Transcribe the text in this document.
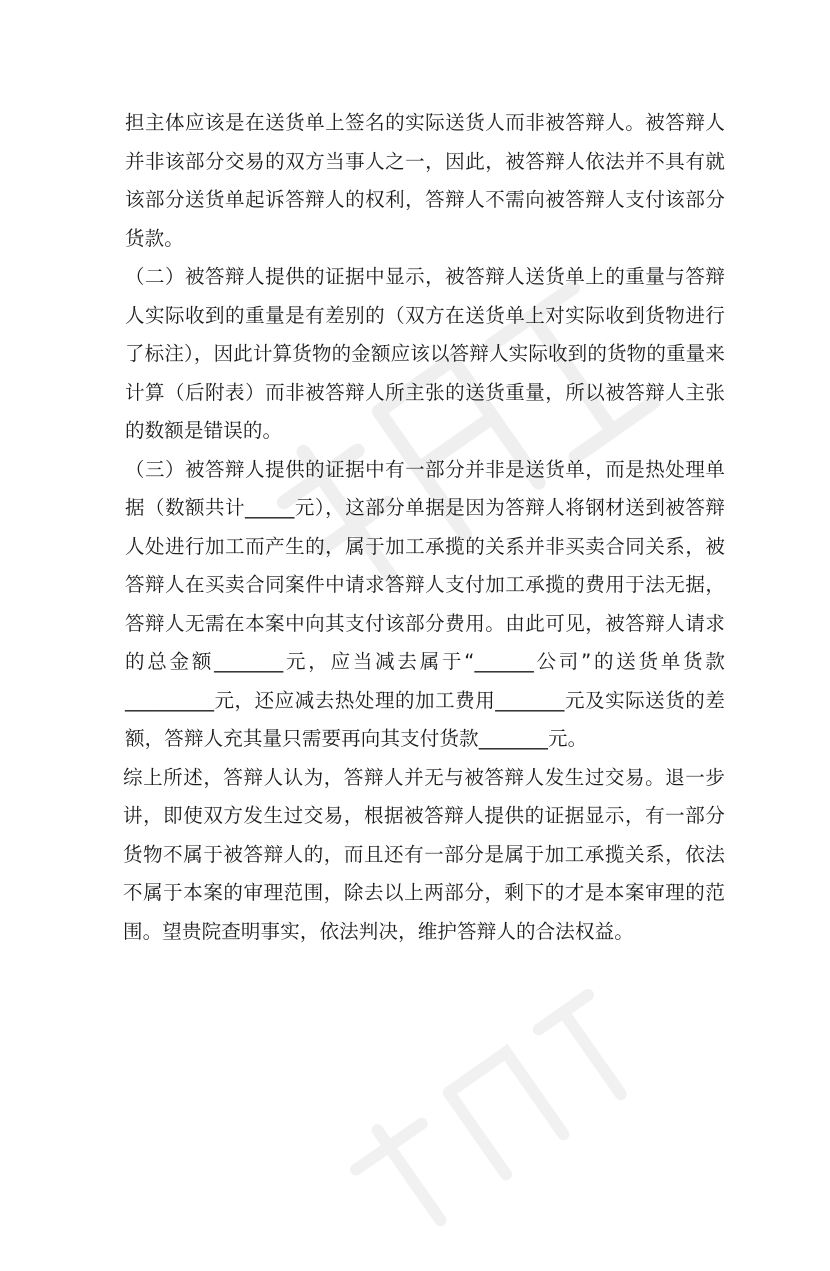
担主体应该是在送货单上签名的实际送货人而非被答辩人。被答辩人并非该部分交易的双方当事人之一，因此，被答辩人依法并不具有就该部分送货单起诉答辩人的权利，答辩人不需向被答辩人支付该部分货款。

（二）被答辩人提供的证据中显示，被答辩人送货单上的重量与答辩人实际收到的重量是有差别的（双方在送货单上对实际收到货物进行了标注），因此计算货物的金额应该以答辩人实际收到的货物的重量来计算（后附表）而非被答辩人所主张的送货重量，所以被答辩人主张的数额是错误的。

（三）被答辩人提供的证据中有一部分并非是送货单，而是热处理单据（数额共计_____元），这部分单据是因为答辩人将钢材送到被答辩人处进行加工而产生的，属于加工承揽的关系并非买卖合同关系，被答辩人在买卖合同案件中请求答辩人支付加工承揽的费用于法无据，答辩人无需在本案中向其支付该部分费用。由此可见，被答辩人请求的总金额_______元，应当减去属于“______公司”的送货单货款_________元，还应减去热处理的加工费用_______元及实际送货的差额，答辩人充其量只需要再向其支付货款_______元。

综上所述，答辩人认为，答辩人并无与被答辩人发生过交易。退一步讲，即使双方发生过交易，根据被答辩人提供的证据显示，有一部分货物不属于被答辩人的，而且还有一部分是属于加工承揽关系，依法不属于本案的审理范围，除去以上两部分，剩下的才是本案审理的范围。望贵院查明事实，依法判决，维护答辩人的合法权益。
